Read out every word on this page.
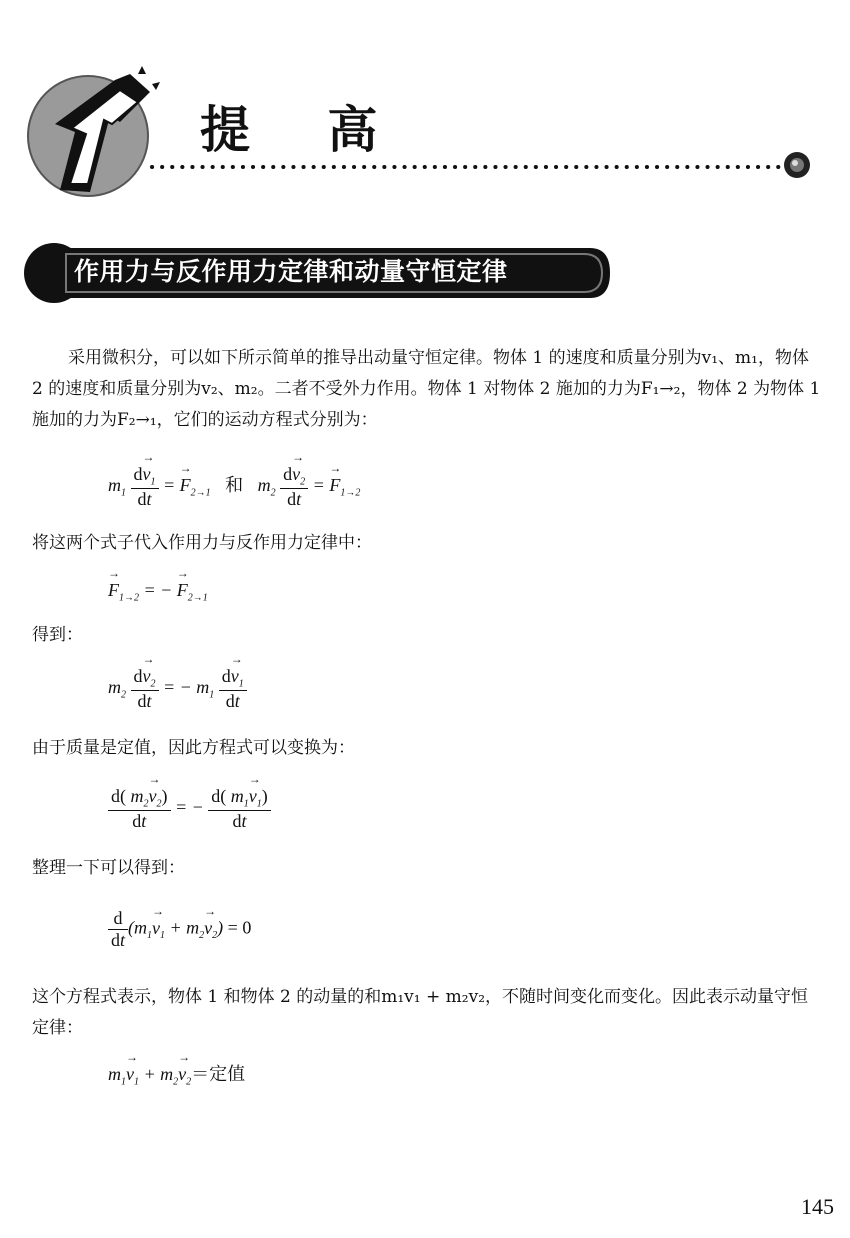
提 高
作用力与反作用力定律和动量守恒定律

采用微积分，可以如下所示简单的推导出动量守恒定律。物体 1 的速度和质量分别为v₁、m₁，物体 2 的速度和质量分别为v₂、m₂。二者不受外力作用。物体 1 对物体 2 施加的力为F₁→₂，物体 2 为物体 1 施加的力为F₂→₁，它们的运动方程式分别为：

$m_1 \frac{d\to v_1}{dt}$ = → $F_{2\to 1}$ 和 $m_2 \frac{d\to v_2}{dt}$ = → $F_{1\to 2}$

将这两个式子代入作用力与反作用力定律中：

→ $F_{1\to 2}$ = − → $F_{2\to 1}$

得到：

$m_2 \frac{d\to v_2}{dt}$ = − $m_1 \frac{d\to v_1}{dt}$

由于质量是定值，因此方程式可以变换为：

$\frac{d( m_2\to v_2)}{dt}$ = − $\frac{d( m_1\to v_1)}{dt}$

整理一下可以得到：

$\frac{d}{dt} (m_1\to v_1 + m_2\to v_2) = 0$

这个方程式表示，物体 1 和物体 2 的动量的和m₁v₁ + m₂v₂，不随时间变化而变化。因此表示动量守恒定律：

$m_1\to v_1 + m_2\to v_2=$定值
145
